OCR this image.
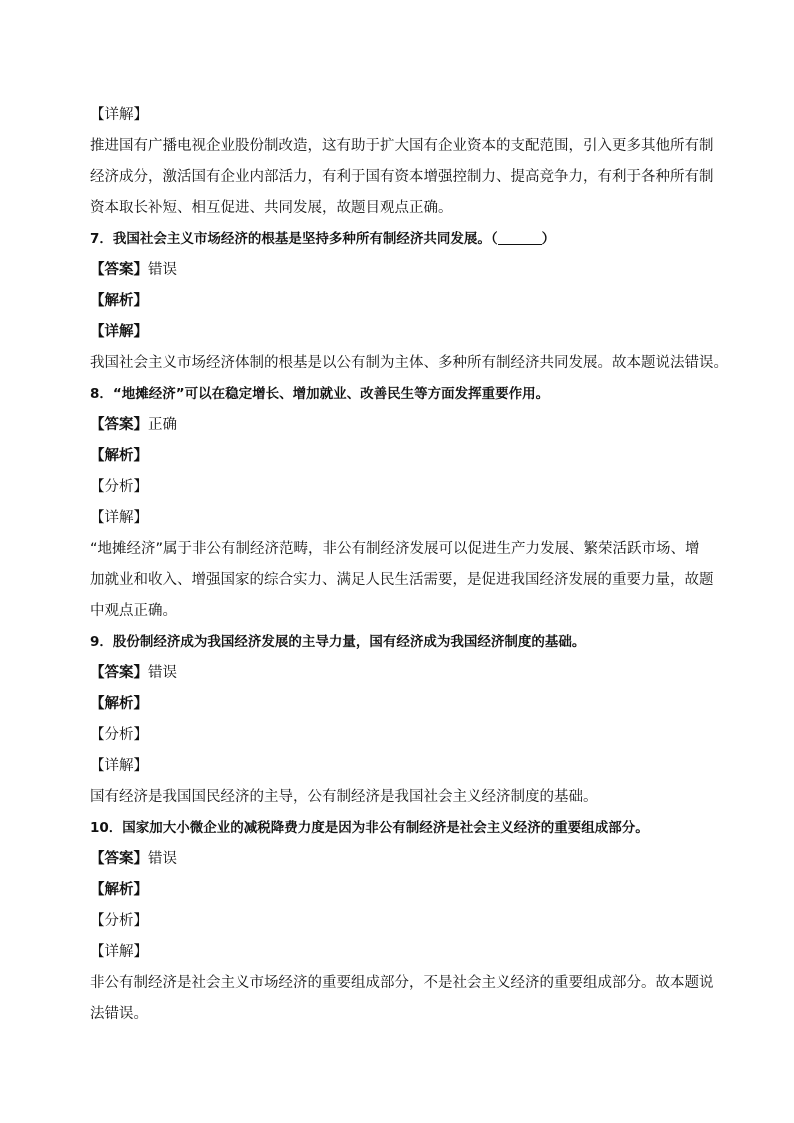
【详解】
推进国有广播电视企业股份制改造，这有助于扩大国有企业资本的支配范围，引入更多其他所有制
经济成分，激活国有企业内部活力，有利于国有资本增强控制力、提高竞争力，有利于各种所有制
资本取长补短、相互促进、共同发展，故题目观点正确。
7．我国社会主义市场经济的根基是坚持多种所有制经济共同发展。（	）
【答案】错误
【解析】
【详解】
我国社会主义市场经济体制的根基是以公有制为主体、多种所有制经济共同发展。故本题说法错误。
8．“地摊经济”可以在稳定增长、增加就业、改善民生等方面发挥重要作用。
【答案】正确
【解析】
【分析】
【详解】
“地摊经济”属于非公有制经济范畴，非公有制经济发展可以促进生产力发展、繁荣活跃市场、增
加就业和收入、增强国家的综合实力、满足人民生活需要，是促进我国经济发展的重要力量，故题
中观点正确。
9．股份制经济成为我国经济发展的主导力量，国有经济成为我国经济制度的基础。
【答案】错误
【解析】
【分析】
【详解】
国有经济是我国国民经济的主导，公有制经济是我国社会主义经济制度的基础。
10．国家加大小微企业的减税降费力度是因为非公有制经济是社会主义经济的重要组成部分。
【答案】错误
【解析】
【分析】
【详解】
非公有制经济是社会主义市场经济的重要组成部分，不是社会主义经济的重要组成部分。故本题说
法错误。
